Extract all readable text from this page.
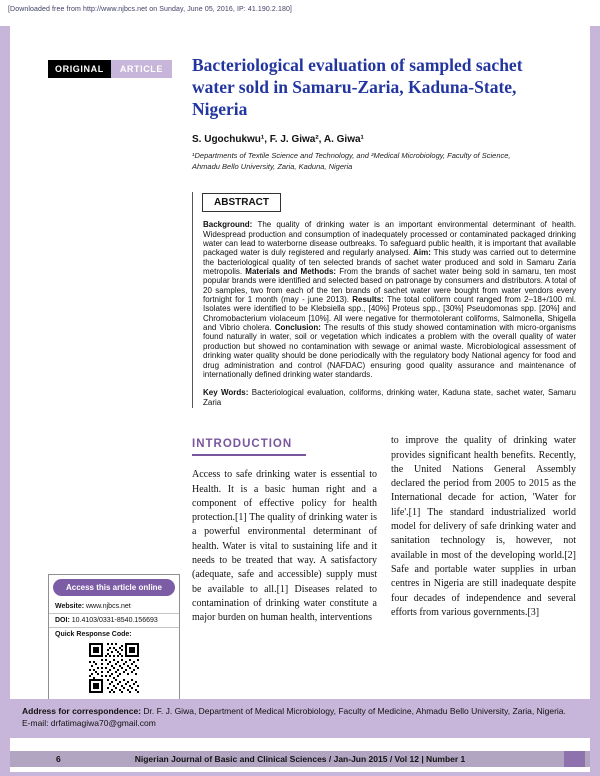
[Downloaded free from http://www.njbcs.net on Sunday, June 05, 2016, IP: 41.190.2.180]
ORIGINAL	ARTICLE
Access this article online
Website: www.njbcs.net
DOI: 10.4103/0331-8540.156693
Quick Response Code:
Bacteriological evaluation of sampled sachet water sold in Samaru-Zaria, Kaduna-State, Nigeria
S. Ugochukwu¹, F. J. Giwa², A. Giwa¹
¹Departments of Textile Science and Technology, and ²Medical Microbiology, Faculty of Science, Ahmadu Bello University, Zaria, Kaduna, Nigeria
ABSTRACT
Background: The quality of drinking water is an important environmental determinant of health. Widespread production and consumption of inadequately processed or contaminated packaged drinking water can lead to waterborne disease outbreaks. To safeguard public health, it is important that available packaged water is duly registered and regularly analysed. Aim: This study was carried out to determine the bacteriological quality of ten selected brands of sachet water produced and sold in Samaru Zaria metropolis. Materials and Methods: From the brands of sachet water being sold in samaru, ten most popular brands were identified and selected based on patronage by consumers and distributors. A total of 20 samples, two from each of the ten brands of sachet water were bought from water vendors every fortnight for 1 month (may - june 2013). Results: The total coliform count ranged from 2–18+/100 ml. Isolates were identified to be Klebsiella spp., [40%] Proteus spp., [30%] Pseudomonas spp. [20%] and Chromobacterium violaceum [10%]. All were negative for thermotolerant coliforms, Salmonella, Shigella and Vibrio cholera. Conclusion: The results of this study showed contamination with micro-organisms found naturally in water, soil or vegetation which indicates a problem with the overall quality of water production but showed no contamination with sewage or animal waste. Microbiological assessment of drinking water quality should be done periodically with the regulatory body National agency for food and drug administration and control (NAFDAC) ensuring good quality assurance and maintenance of internationally defined drinking water standards.
Key Words: Bacteriological evaluation, coliforms, drinking water, Kaduna state, sachet water, Samaru Zaria
INTRODUCTION

Access to safe drinking water is essential to Health. It is a basic human right and a component of effective policy for health protection.[1] The quality of drinking water is a powerful environmental determinant of health. Water is vital to sustaining life and it needs to be treated that way. A satisfactory (adequate, safe and accessible) supply must be available to all.[1] Diseases related to contamination of drinking water constitute a major burden on human health, interventions

to improve the quality of drinking water provides significant health benefits. Recently, the United Nations General Assembly declared the period from 2005 to 2015 as the International decade for action, 'Water for life'.[1] The standard industrialized world model for delivery of safe drinking water and sanitation technology is, however, not available in most of the developing world.[2] Safe and portable water supplies in urban centres in Nigeria are still inadequate despite four decades of independence and several efforts from various governments.[3]

Address for correspondence: Dr. F. J. Giwa, Department of Medical Microbiology, Faculty of Medicine, Ahmadu Bello University, Zaria, Nigeria. E-mail: drfatimagiwa70@gmail.com
6	Nigerian Journal of Basic and Clinical Sciences / Jan-Jun 2015 / Vol 12 | Number 1
